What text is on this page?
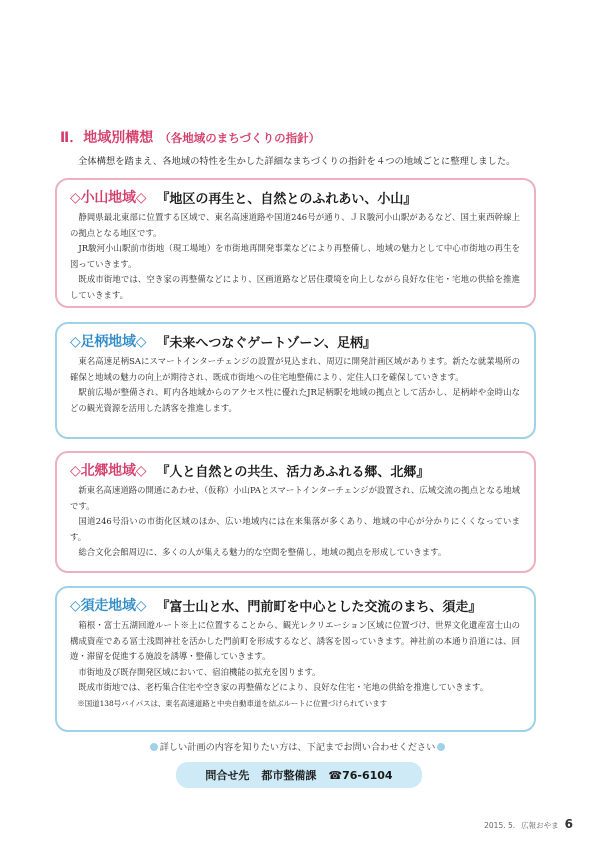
Ⅱ．地域別構想 （各地域のまちづくりの指針）
全体構想を踏まえ、各地域の特性を生かした詳細なまちづくりの指針を４つの地域ごとに整理しました。
◇小山地域◇ 『地区の再生と、自然とのふれあい、小山』

静岡県最北東部に位置する区域で、東名高速道路や国道246号が通り、ＪＲ駿河小山駅があるなど、国土東西幹線上の拠点となる地区です。

JR駿河小山駅前市街地（現工場地）を市街地再開発事業などにより再整備し、地域の魅力として中心市街地の再生を図っていきます。

既成市街地では、空き家の再整備などにより、区画道路など居住環境を向上しながら良好な住宅・宅地の供給を推進していきます。

◇足柄地域◇ 『未来へつなぐゲートゾーン、足柄』

東名高速足柄SAにスマートインターチェンジの設置が見込まれ、周辺に開発計画区域があります。新たな就業場所の確保と地域の魅力の向上が期待され、既成市街地への住宅地整備により、定住人口を確保していきます。

駅前広場が整備され、町内各地域からのアクセス性に優れたJR足柄駅を地域の拠点として活かし、足柄峠や金時山などの観光資源を活用した誘客を推進します。

◇北郷地域◇ 『人と自然との共生、活力あふれる郷、北郷』

新東名高速道路の開通にあわせ、（仮称）小山PAとスマートインターチェンジが設置され、広域交流の拠点となる地域です。

国道246号沿いの市街化区域のほか、広い地域内には在来集落が多くあり、地域の中心が分かりにくくなっています。

総合文化会館周辺に、多くの人が集える魅力的な空間を整備し、地域の拠点を形成していきます。

◇須走地域◇ 『富士山と水、門前町を中心とした交流のまち、須走』

箱根・富士五湖回遊ルート※上に位置することから、観光レクリエーション区域に位置づけ、世界文化遺産富士山の構成資産である冨士浅間神社を活かした門前町を形成するなど、誘客を図っていきます。神社前の本通り沿道には、回遊・滞留を促進する施設を誘導・整備していきます。

市街地及び既存開発区域において、宿泊機能の拡充を図ります。

既成市街地では、老朽集合住宅や空き家の再整備などにより、良好な住宅・宅地の供給を推進していきます。

※国道138号バイパスは、東名高速道路と中央自動車道を結ぶルートに位置づけられています

詳しい計画の内容を知りたい方は、下記までお問い合わせください
問合せ先 都市整備課 ☎76-6104
2015. 5. 広報おやま 6
